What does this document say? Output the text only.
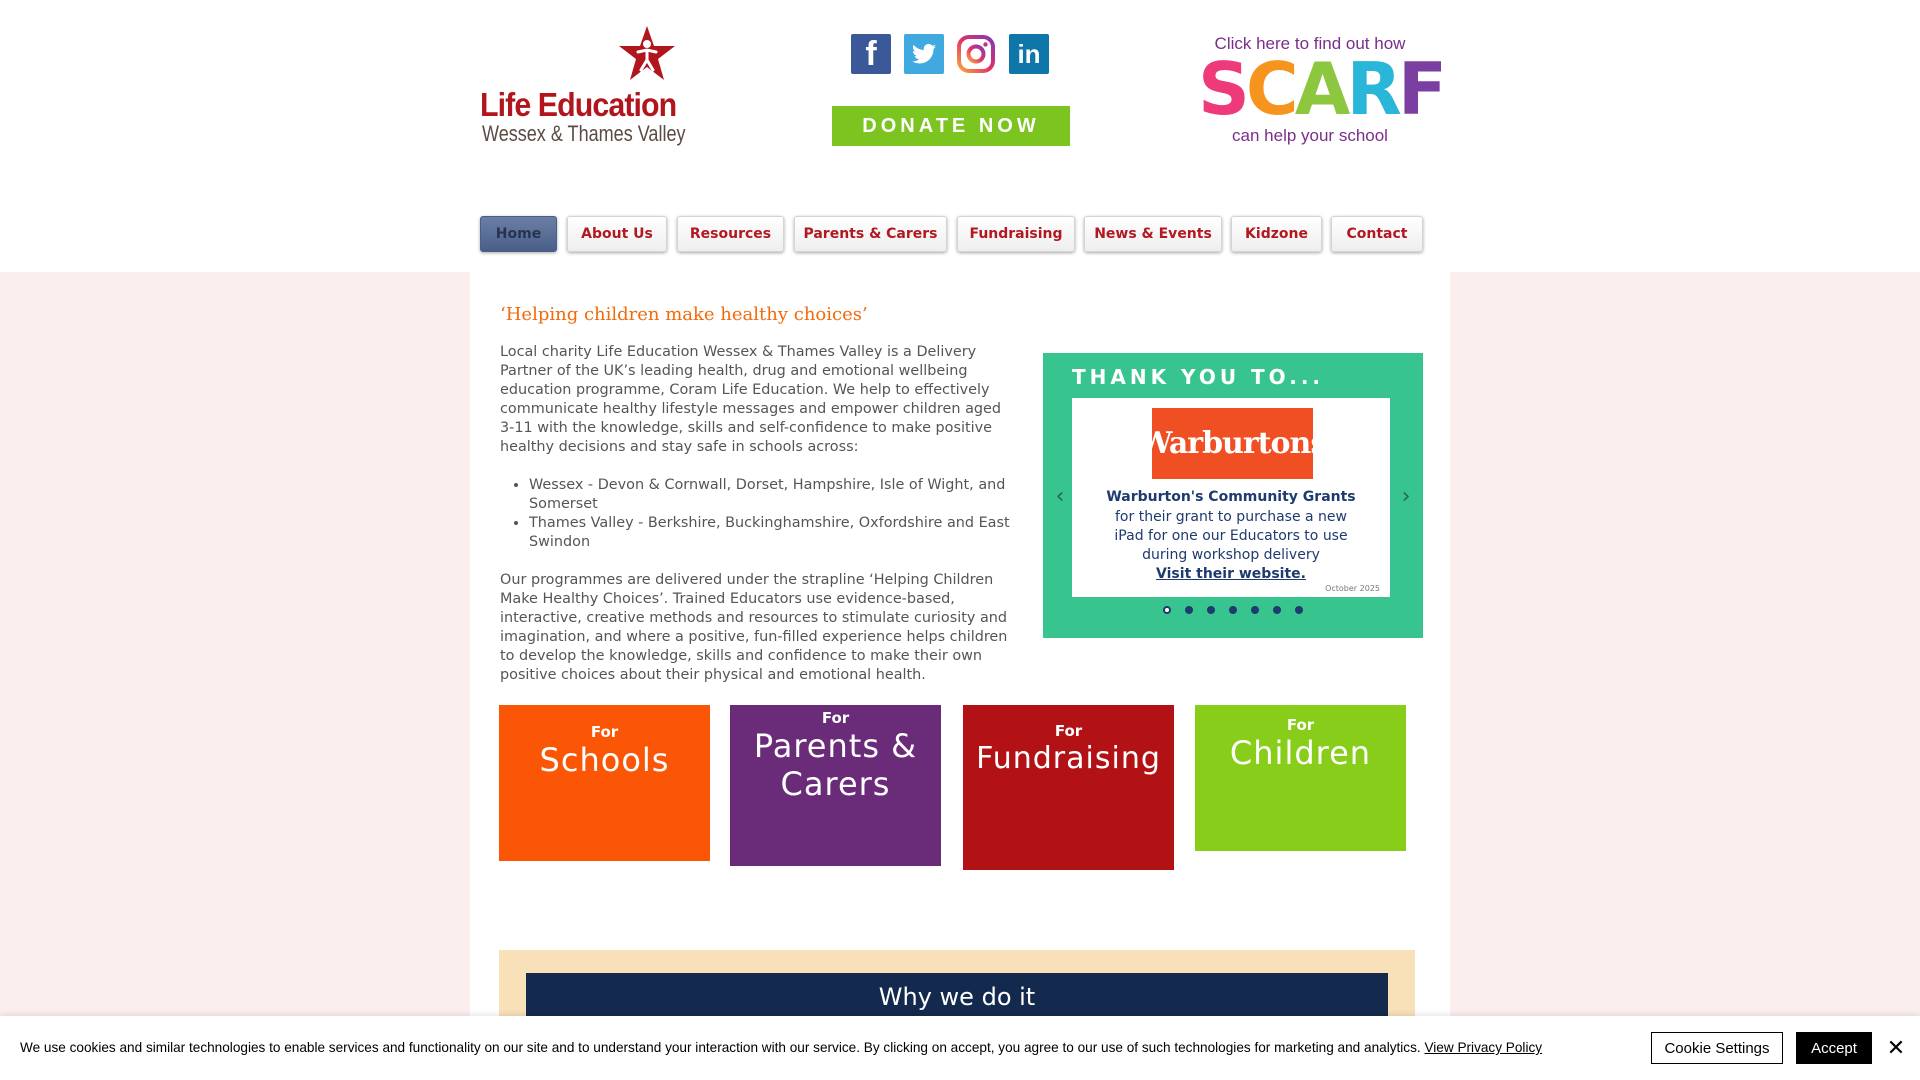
Life Education
Wessex & Thames Valley
f	in
DONATE NOW
Click here to find out how
SCARF
can help your school
Home	About Us	Resources	Parents & Carers	Fundraising	News & Events	Kidzone	Contact
‘Helping children make healthy choices’

Local charity Life Education Wessex & Thames Valley is a Delivery Partner of the UK’s leading health, drug and emotional wellbeing education programme, Coram Life Education. We help to effectively communicate healthy lifestyle messages and empower children aged 3-11 with the knowledge, skills and self-confidence to make positive healthy decisions and stay safe in schools across:

• Wessex - Devon & Cornwall, Dorset, Hampshire, Isle of Wight, and Somerset
• Thames Valley - Berkshire, Buckinghamshire, Oxfordshire and East Swindon

Our programmes are delivered under the strapline ‘Helping Children Make Healthy Choices’. Trained Educators use evidence-based, interactive, creative methods and resources to stimulate curiosity and imagination, and where a positive, fun-filled experience helps children to develop the knowledge, skills and confidence to make their own positive choices about their physical and emotional health.

THANK YOU TO...
‹	›
Warburtons
Warburton's Community Grants
for their grant to purchase a new iPad for one our Educators to use during workshop delivery
Visit their website.
October 2025
For
Schools
For
Parents & Carers
For
Fundraising
For
Children
Why we do it
We use cookies and similar technologies to enable services and functionality on our site and to understand your interaction with our service. By clicking on accept, you agree to our use of such technologies for marketing and analytics. View Privacy Policy	Cookie Settings	Accept	✕
